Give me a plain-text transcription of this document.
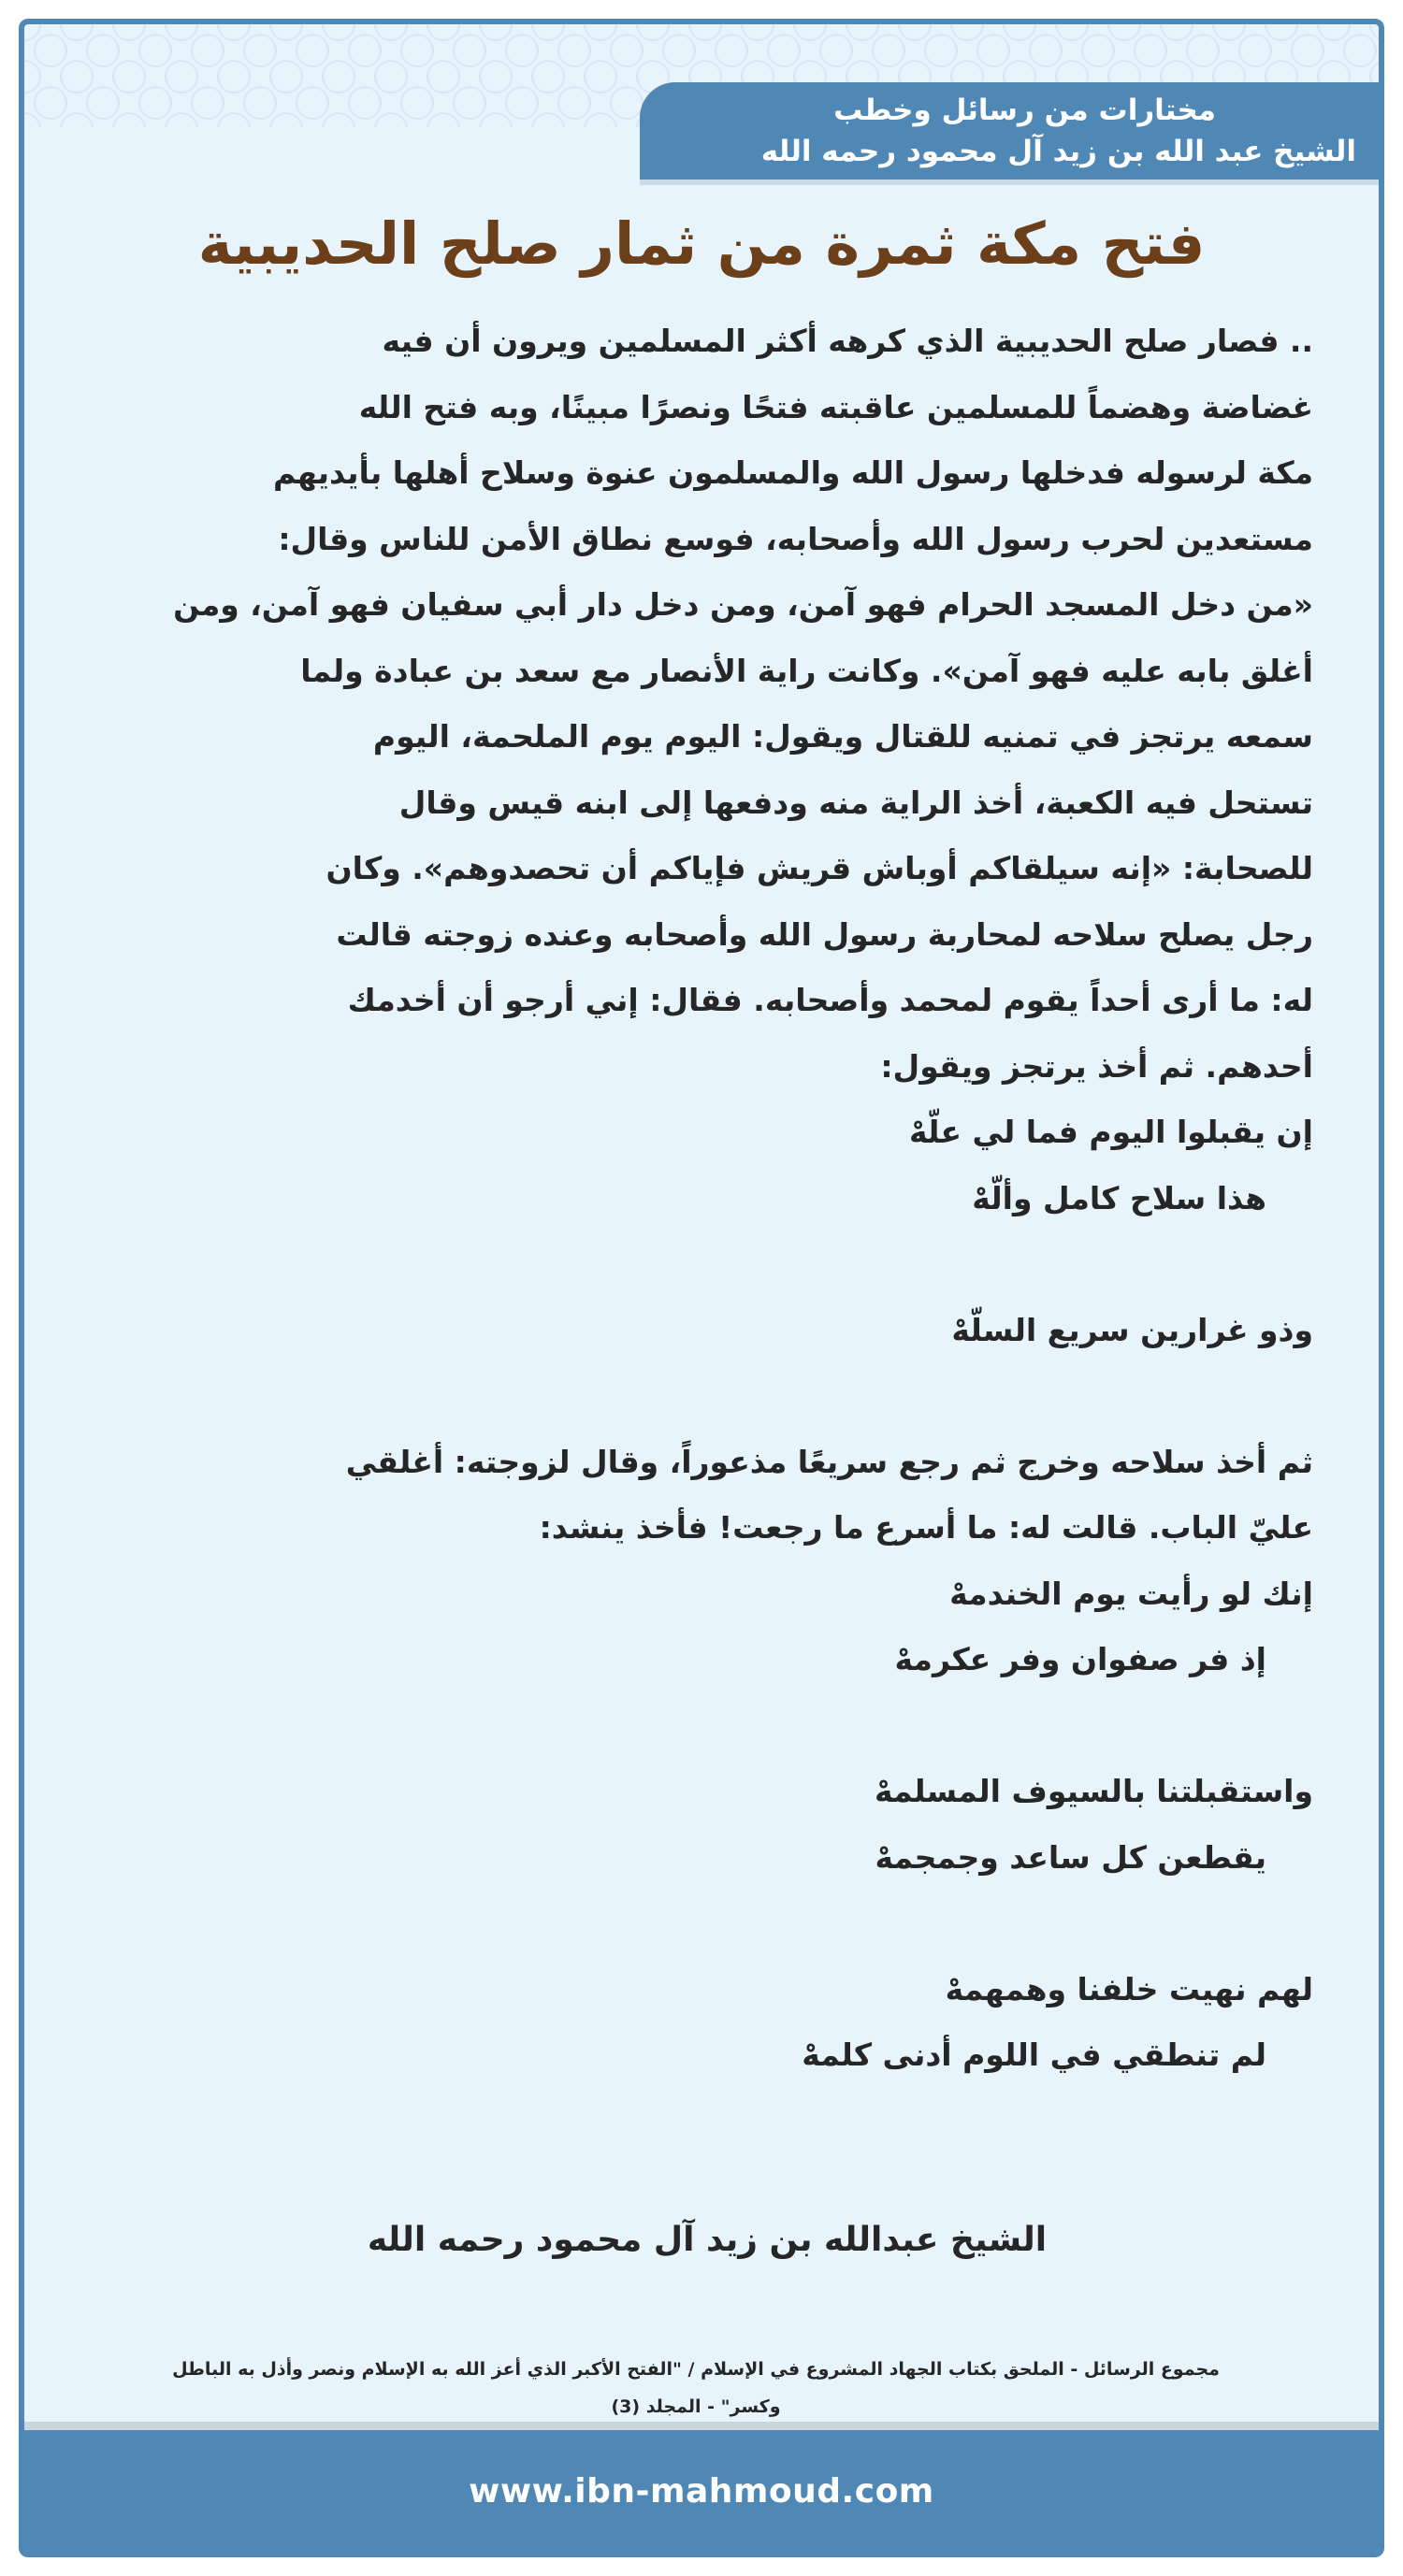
مختارات من رسائل وخطب
الشيخ عبد الله بن زيد آل محمود رحمه الله
فتح مكة ثمرة من ثمار صلح الحديبية
.. فصار صلح الحديبية الذي كرهه أكثر المسلمين ويرون أن فيه
غضاضة وهضماً للمسلمين عاقبته فتحًا ونصرًا مبينًا، وبه فتح الله
مكة لرسوله فدخلها رسول الله والمسلمون عنوة وسلاح أهلها بأيديهم
مستعدين لحرب رسول الله وأصحابه، فوسع نطاق الأمن للناس وقال:
«من دخل المسجد الحرام فهو آمن، ومن دخل دار أبي سفيان فهو آمن، ومن
أغلق بابه عليه فهو آمن». وكانت راية الأنصار مع سعد بن عبادة ولما
سمعه يرتجز في تمنيه للقتال ويقول: اليوم يوم الملحمة، اليوم
تستحل فيه الكعبة، أخذ الراية منه ودفعها إلى ابنه قيس وقال
للصحابة: «إنه سيلقاكم أوباش قريش فإياكم أن تحصدوهم». وكان
رجل يصلح سلاحه لمحاربة رسول الله وأصحابه وعنده زوجته قالت
له: ما أرى أحداً يقوم لمحمد وأصحابه. فقال: إني أرجو أن أخدمك
أحدهم. ثم أخذ يرتجز ويقول:
إن يقبلوا اليوم فما لي علّهْ
هذا سلاح كامل وألّهْ
وذو غرارين سريع السلّهْ
ثم أخذ سلاحه وخرج ثم رجع سريعًا مذعوراً، وقال لزوجته: أغلقي
عليّ الباب. قالت له: ما أسرع ما رجعت! فأخذ ينشد:
إنك لو رأيت يوم الخندمهْ
إذ فر صفوان وفر عكرمهْ
واستقبلتنا بالسيوف المسلمهْ
يقطعن كل ساعد وجمجمهْ
لهم نهيت خلفنا وهمهمهْ
لم تنطقي في اللوم أدنى كلمهْ
الشيخ عبدالله بن زيد آل محمود رحمه الله
مجموع الرسائل - الملحق بكتاب الجهاد المشروع في الإسلام / "الفتح الأكبر الذي أعز الله به الإسلام ونصر وأذل به الباطل
وكسر" - المجلد (3)
www.ibn-mahmoud.com
